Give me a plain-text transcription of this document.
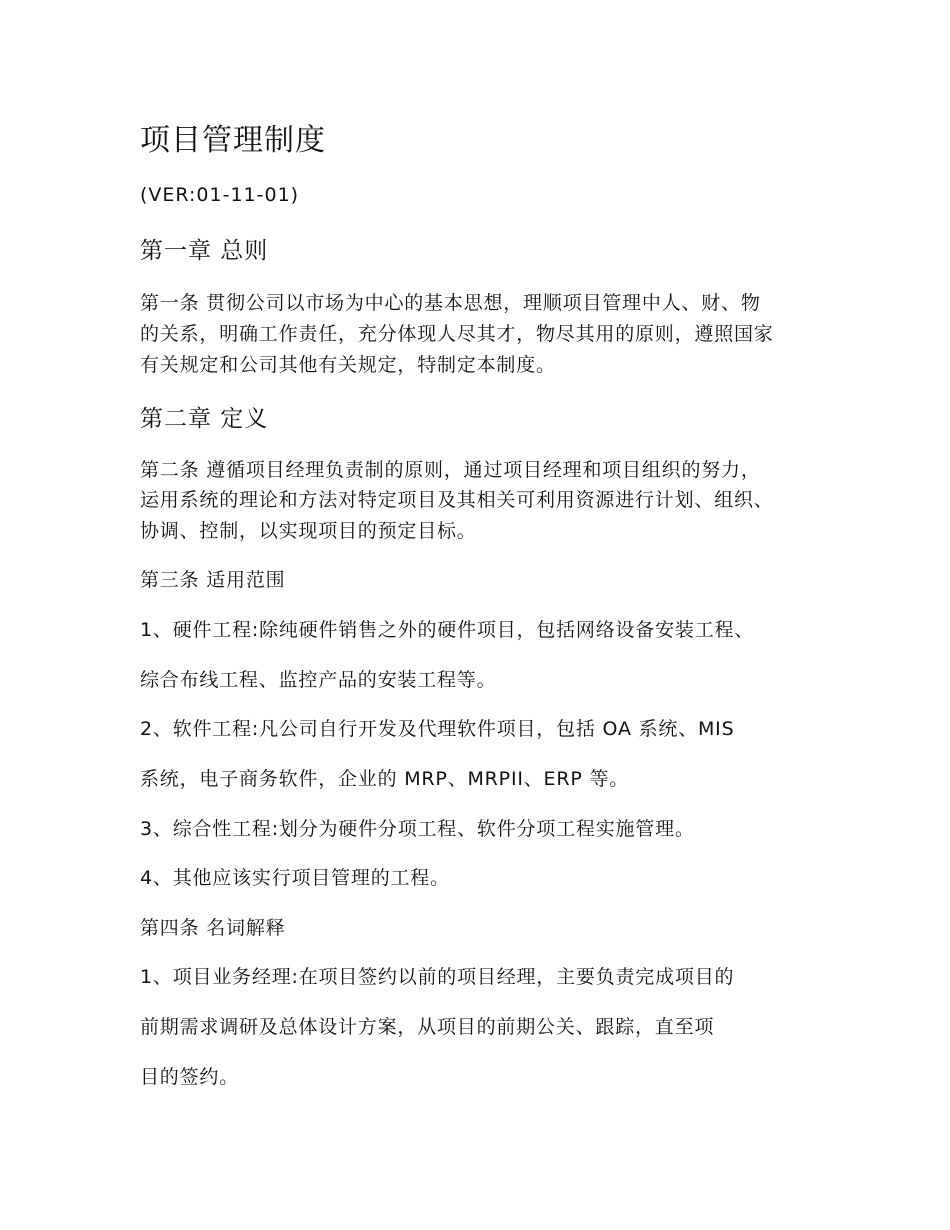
项目管理制度
(VER:01-11-01)
第一章 总则
第一条 贯彻公司以市场为中心的基本思想，理顺项目管理中人、财、物
的关系，明确工作责任，充分体现人尽其才，物尽其用的原则，遵照国家
有关规定和公司其他有关规定，特制定本制度。
第二章 定义
第二条 遵循项目经理负责制的原则，通过项目经理和项目组织的努力，
运用系统的理论和方法对特定项目及其相关可利用资源进行计划、组织、
协调、控制，以实现项目的预定目标。
第三条 适用范围
1、硬件工程:除纯硬件销售之外的硬件项目，包括网络设备安装工程、
综合布线工程、监控产品的安装工程等。
2、软件工程:凡公司自行开发及代理软件项目，包括 OA 系统、MIS
系统，电子商务软件，企业的 MRP、MRPII、ERP 等。
3、综合性工程:划分为硬件分项工程、软件分项工程实施管理。
4、其他应该实行项目管理的工程。
第四条 名词解释
1、项目业务经理:在项目签约以前的项目经理，主要负责完成项目的
前期需求调研及总体设计方案，从项目的前期公关、跟踪，直至项
目的签约。
